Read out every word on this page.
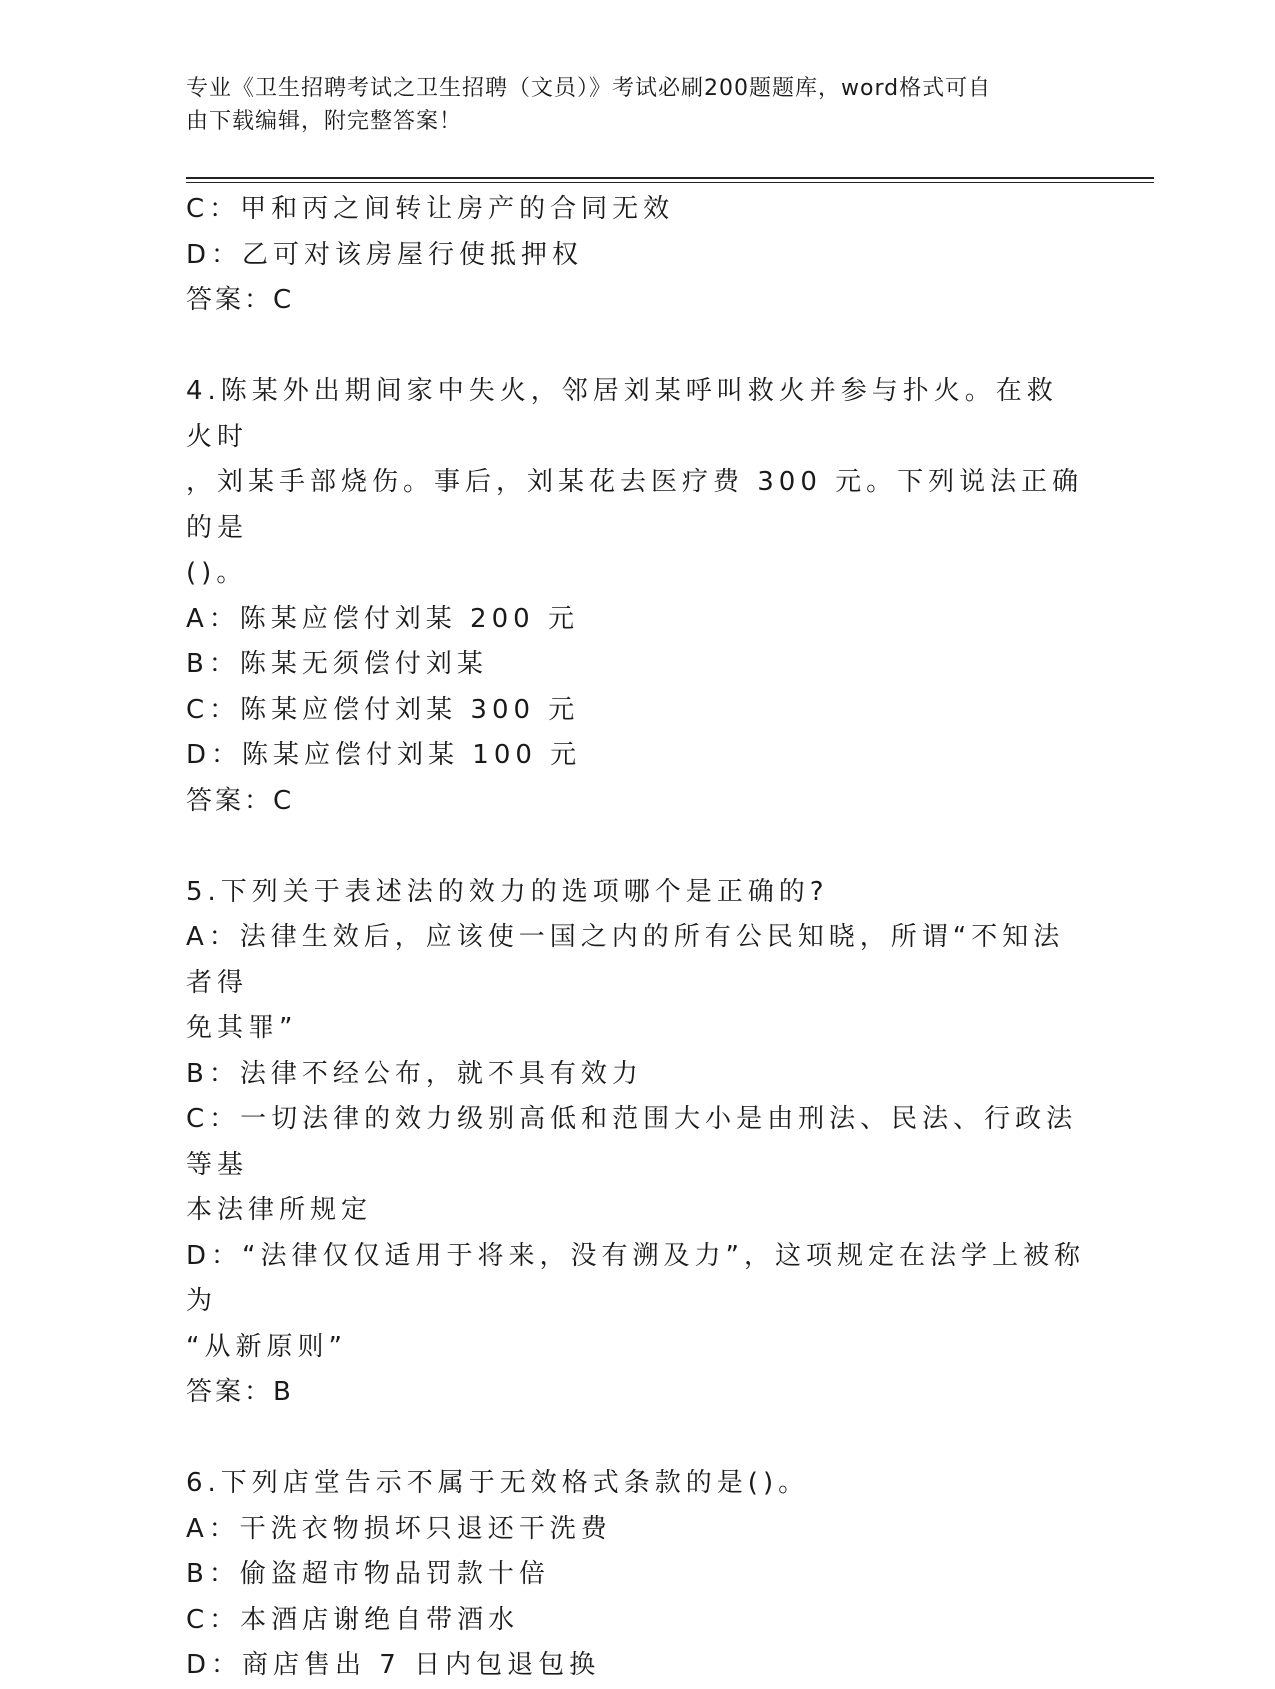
专业《卫生招聘考试之卫生招聘（文员）》考试必刷200题题库，word格式可自
由下载编辑，附完整答案！
C：甲和丙之间转让房产的合同无效
D：乙可对该房屋行使抵押权
答案：C
4.陈某外出期间家中失火，邻居刘某呼叫救火并参与扑火。在救火时
，刘某手部烧伤。事后，刘某花去医疗费 300 元。下列说法正确的是
()。
A：陈某应偿付刘某 200 元
B：陈某无须偿付刘某
C：陈某应偿付刘某 300 元
D：陈某应偿付刘某 100 元
答案：C
5.下列关于表述法的效力的选项哪个是正确的?
A：法律生效后，应该使一国之内的所有公民知晓，所谓“不知法者得
免其罪”
B：法律不经公布，就不具有效力
C：一切法律的效力级别高低和范围大小是由刑法、民法、行政法等基
本法律所规定
D：“法律仅仅适用于将来，没有溯及力”，这项规定在法学上被称为
“从新原则”
答案：B
6.下列店堂告示不属于无效格式条款的是()。
A：干洗衣物损坏只退还干洗费
B：偷盗超市物品罚款十倍
C：本酒店谢绝自带酒水
D：商店售出 7 日内包退包换
